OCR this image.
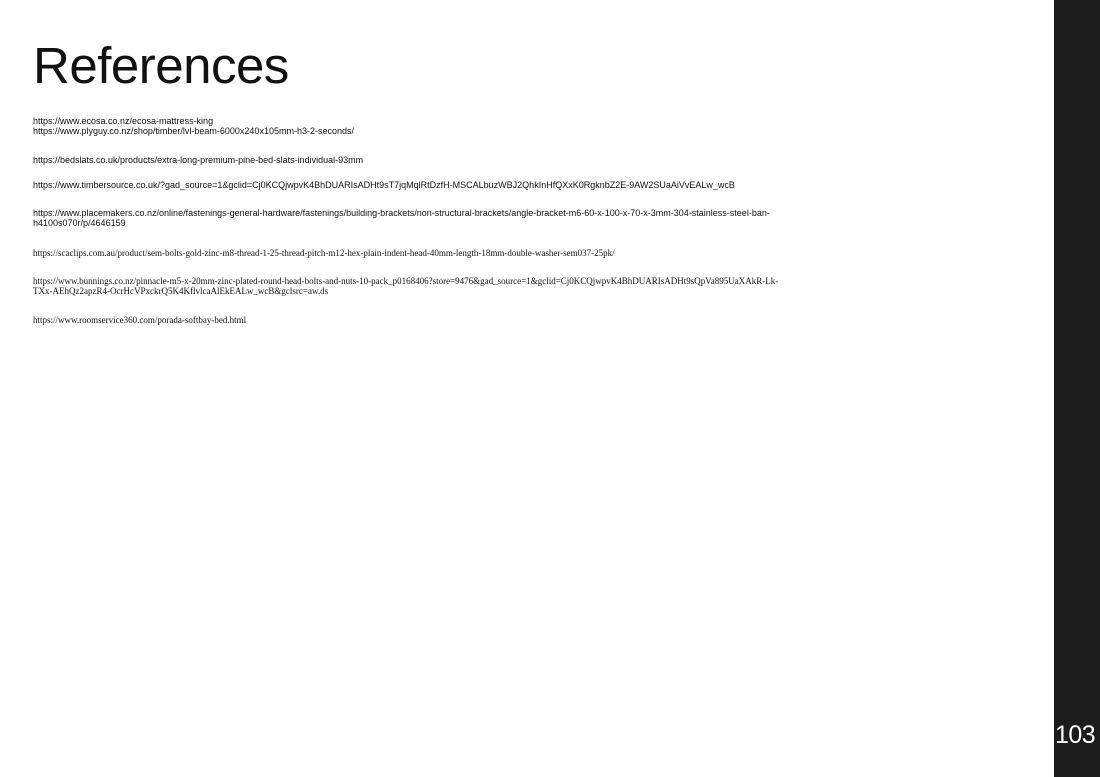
References

https://www.ecosa.co.nz/ecosa-mattress-king
https://www.plyguy.co.nz/shop/timber/lvl-beam-6000x240x105mm-h3-2-seconds/

https://bedslats.co.uk/products/extra-long-premium-pine-bed-slats-individual-93mm

https://www.timbersource.co.uk/?gad_source=1&gclid=Cj0KCQjwpvK4BhDUARIsADHt9sT7jqMqlRtDzfH-MSCALbuzWBJ2QhkInHfQXxK0RgknbZ2E-9AW2SUaAiVvEALw_wcB

https://www.placemakers.co.nz/online/fastenings-general-hardware/fastenings/building-brackets/non-structural-brackets/angle-bracket-m6-60-x-100-x-70-x-3mm-304-stainless-steel-ban-
h4100s070r/p/4646159

https://scaclips.com.au/product/sem-bolts-gold-zinc-m8-thread-1-25-thread-pitch-m12-hex-plain-indent-head-40mm-length-18mm-double-washer-sem037-25pk/

https://www.bunnings.co.nz/pinnacle-m5-x-20mm-zinc-plated-round-head-bolts-and-nuts-10-pack_p0168406?store=9476&gad_source=1&gclid=Cj0KCQjwpvK4BhDUARIsADHt9sQpVa895UaXAkR-Lk-
TXx-AEhQz2apzR4-OcrHcVPxckrQ5K4KflvlcaAlEkEALw_wcB&gclsrc=aw.ds

https://www.roomservice360.com/porada-softbay-bed.html

103
